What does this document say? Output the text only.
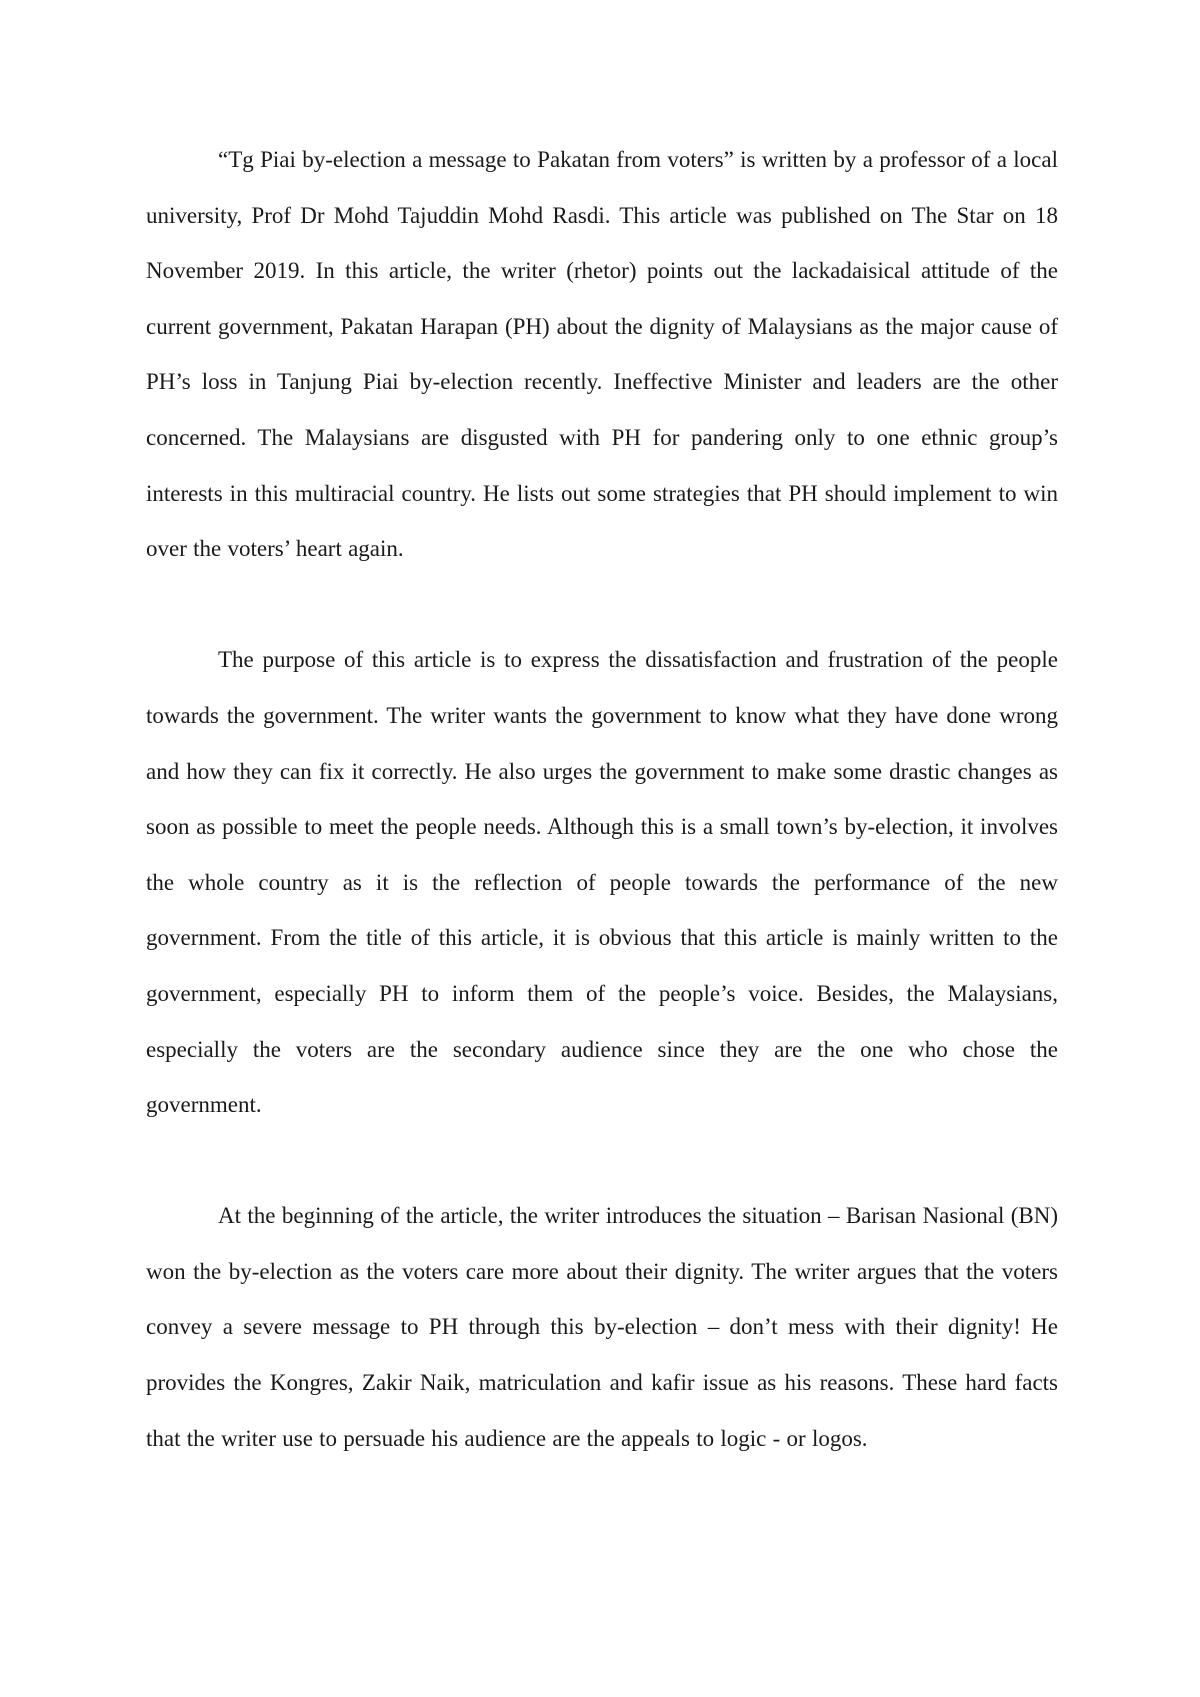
“Tg Piai by-election a message to Pakatan from voters” is written by a professor of a local university, Prof Dr Mohd Tajuddin Mohd Rasdi. This article was published on The Star on 18 November 2019. In this article, the writer (rhetor) points out the lackadaisical attitude of the current government, Pakatan Harapan (PH) about the dignity of Malaysians as the major cause of PH’s loss in Tanjung Piai by-election recently. Ineffective Minister and leaders are the other concerned. The Malaysians are disgusted with PH for pandering only to one ethnic group’s interests in this multiracial country. He lists out some strategies that PH should implement to win over the voters’ heart again.

The purpose of this article is to express the dissatisfaction and frustration of the people towards the government. The writer wants the government to know what they have done wrong and how they can fix it correctly. He also urges the government to make some drastic changes as soon as possible to meet the people needs. Although this is a small town’s by-election, it involves the whole country as it is the reflection of people towards the performance of the new government. From the title of this article, it is obvious that this article is mainly written to the government, especially PH to inform them of the people’s voice. Besides, the Malaysians, especially the voters are the secondary audience since they are the one who chose the government.

At the beginning of the article, the writer introduces the situation – Barisan Nasional (BN) won the by-election as the voters care more about their dignity. The writer argues that the voters convey a severe message to PH through this by-election – don’t mess with their dignity! He provides the Kongres, Zakir Naik, matriculation and kafir issue as his reasons. These hard facts that the writer use to persuade his audience are the appeals to logic - or logos.
